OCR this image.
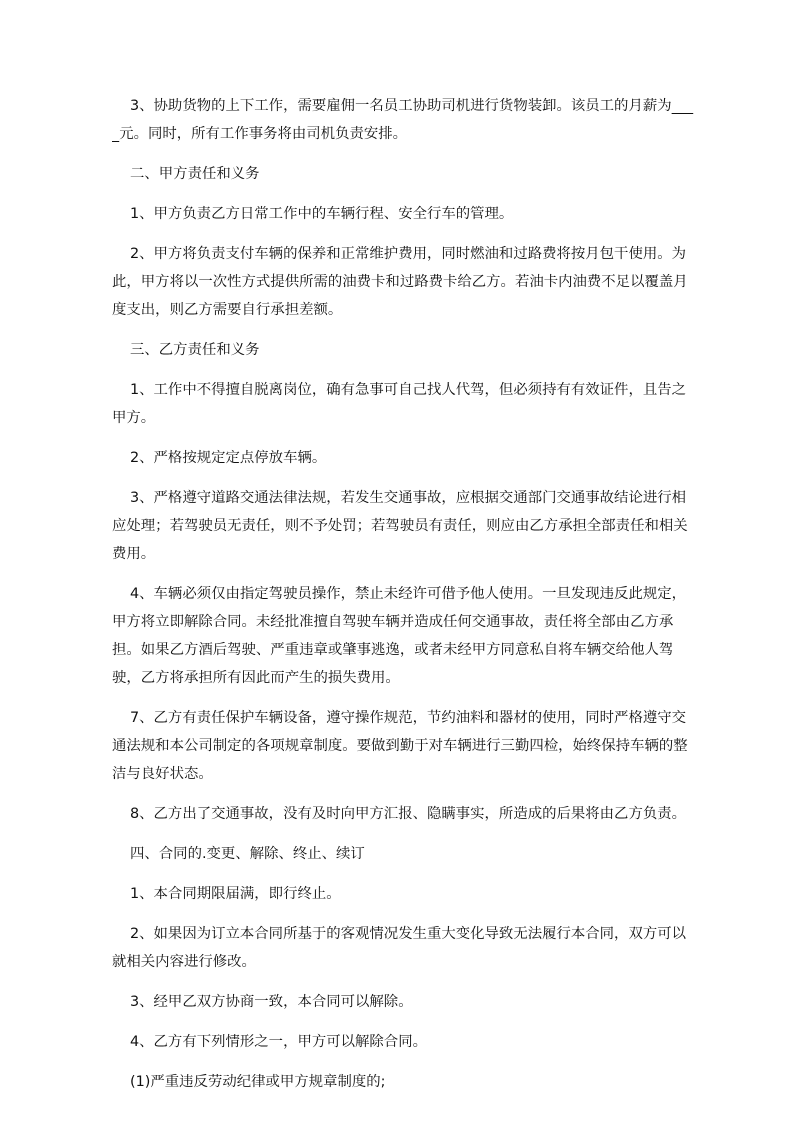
3、协助货物的上下工作，需要雇佣一名员工协助司机进行货物装卸。该员工的月薪为元。同时，所有工作事务将由司机负责安排。

二、甲方责任和义务

1、甲方负责乙方日常工作中的车辆行程、安全行车的管理。

2、甲方将负责支付车辆的保养和正常维护费用，同时燃油和过路费将按月包干使用。为此，甲方将以一次性方式提供所需的油费卡和过路费卡给乙方。若油卡内油费不足以覆盖月度支出，则乙方需要自行承担差额。

三、乙方责任和义务

1、工作中不得擅自脱离岗位，确有急事可自己找人代驾，但必须持有有效证件，且告之甲方。

2、严格按规定定点停放车辆。

3、严格遵守道路交通法律法规，若发生交通事故，应根据交通部门交通事故结论进行相应处理；若驾驶员无责任，则不予处罚；若驾驶员有责任，则应由乙方承担全部责任和相关费用。

4、车辆必须仅由指定驾驶员操作，禁止未经许可借予他人使用。一旦发现违反此规定，甲方将立即解除合同。未经批准擅自驾驶车辆并造成任何交通事故，责任将全部由乙方承担。如果乙方酒后驾驶、严重违章或肇事逃逸，或者未经甲方同意私自将车辆交给他人驾驶，乙方将承担所有因此而产生的损失费用。

7、乙方有责任保护车辆设备，遵守操作规范，节约油料和器材的使用，同时严格遵守交通法规和本公司制定的各项规章制度。要做到勤于对车辆进行三勤四检，始终保持车辆的整洁与良好状态。

8、乙方出了交通事故，没有及时向甲方汇报、隐瞒事实，所造成的后果将由乙方负责。

四、合同的.变更、解除、终止、续订

1、本合同期限届满，即行终止。

2、如果因为订立本合同所基于的客观情况发生重大变化导致无法履行本合同，双方可以就相关内容进行修改。

3、经甲乙双方协商一致，本合同可以解除。

4、乙方有下列情形之一，甲方可以解除合同。

(1)严重违反劳动纪律或甲方规章制度的;
